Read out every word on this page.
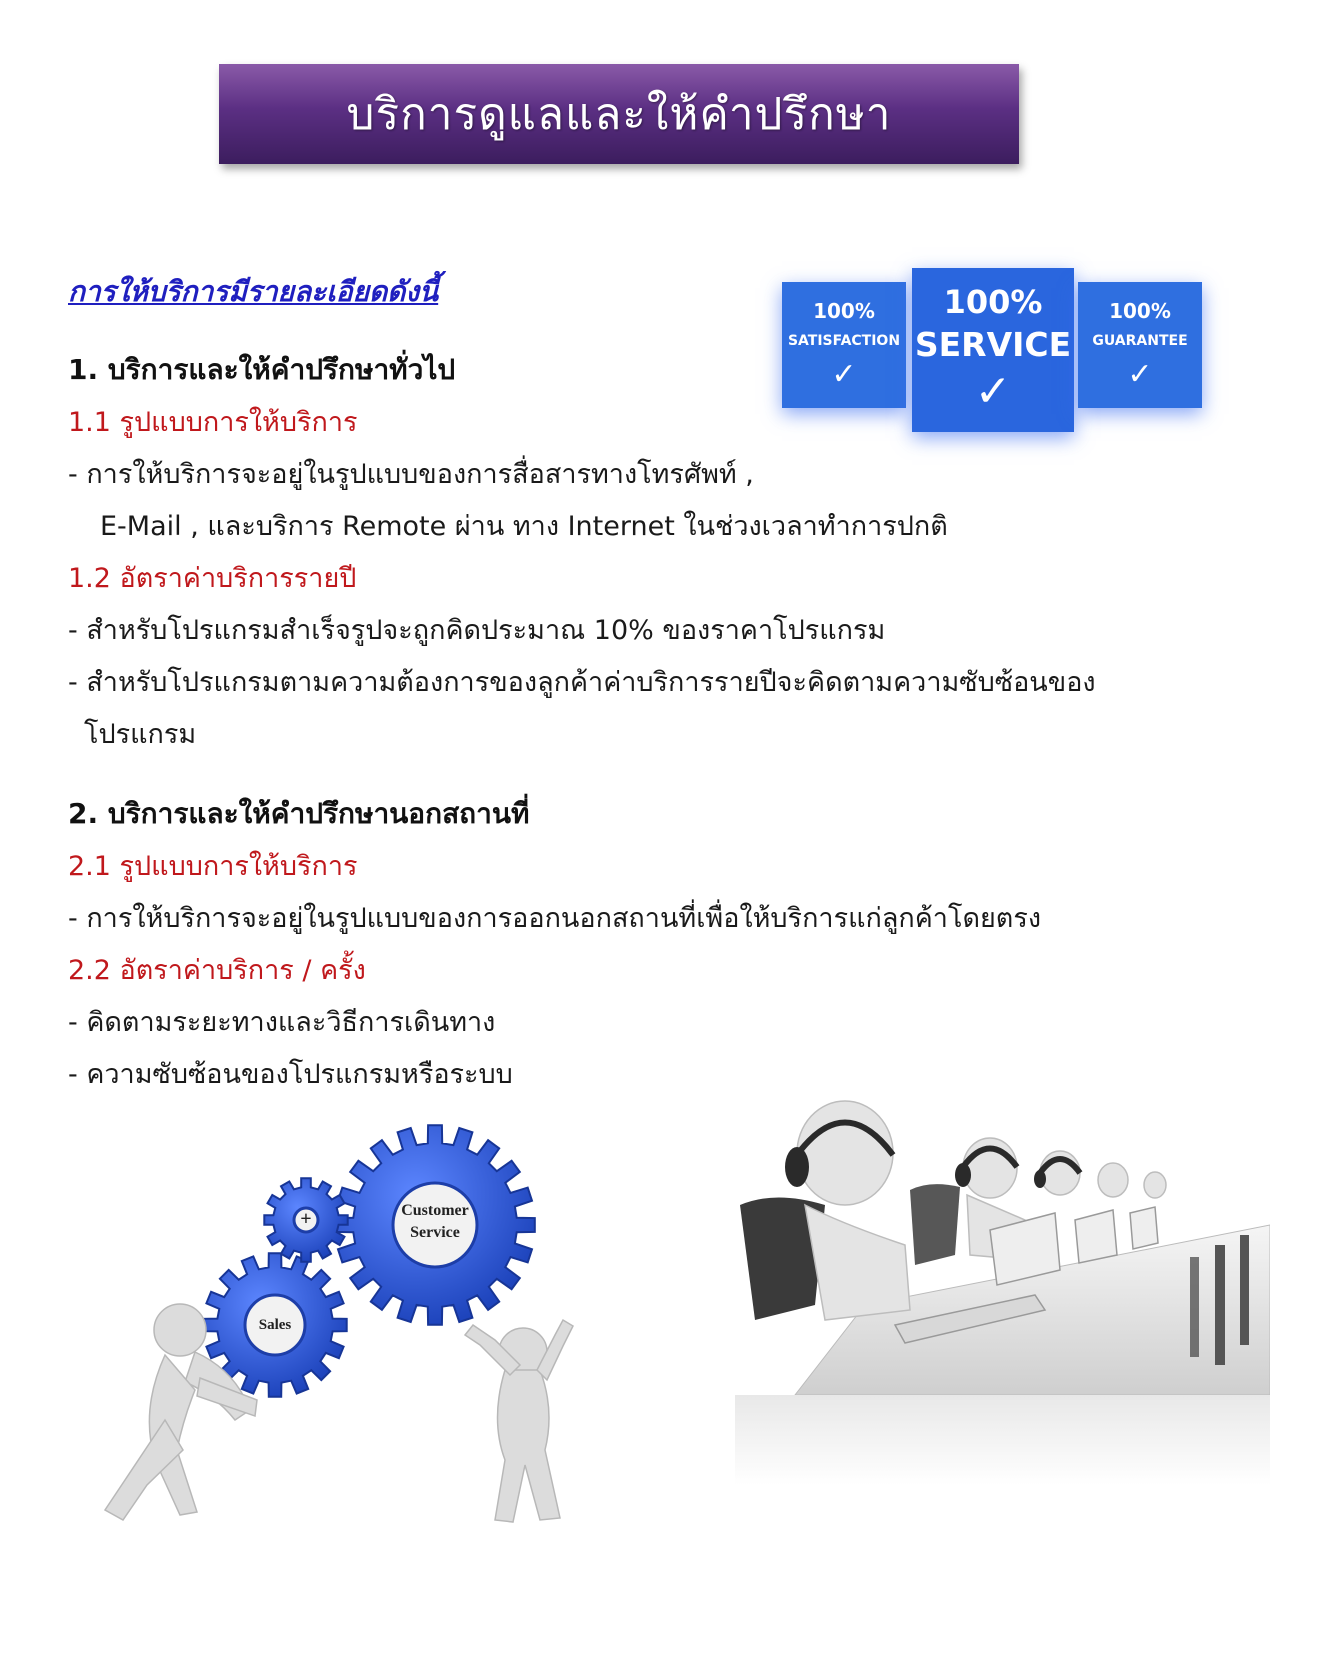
บริการดูแลและให้คำปรึกษา
การให้บริการมีรายละเอียดดังนี้
1. บริการและให้คำปรึกษาทั่วไป
1.1 รูปแบบการให้บริการ
- การให้บริการจะอยู่ในรูปแบบของการสื่อสารทางโทรศัพท์ ,
E-Mail , และบริการ Remote ผ่าน ทาง Internet ในช่วงเวลาทำการปกติ
1.2 อัตราค่าบริการรายปี
- สำหรับโปรแกรมสำเร็จรูปจะถูกคิดประมาณ 10% ของราคาโปรแกรม
- สำหรับโปรแกรมตามความต้องการของลูกค้าค่าบริการรายปีจะคิดตามความซับซ้อนของ
โปรแกรม
2. บริการและให้คำปรึกษานอกสถานที่
2.1 รูปแบบการให้บริการ
- การให้บริการจะอยู่ในรูปแบบของการออกนอกสถานที่เพื่อให้บริการแก่ลูกค้าโดยตรง
2.2 อัตราค่าบริการ / ครั้ง
- คิดตามระยะทางและวิธีการเดินทาง
- ความซับซ้อนของโปรแกรมหรือระบบ
100%
SATISFACTION
✓
100%
SERVICE
✓
100%
GUARANTEE
✓
Customer
Service
Sales
+
